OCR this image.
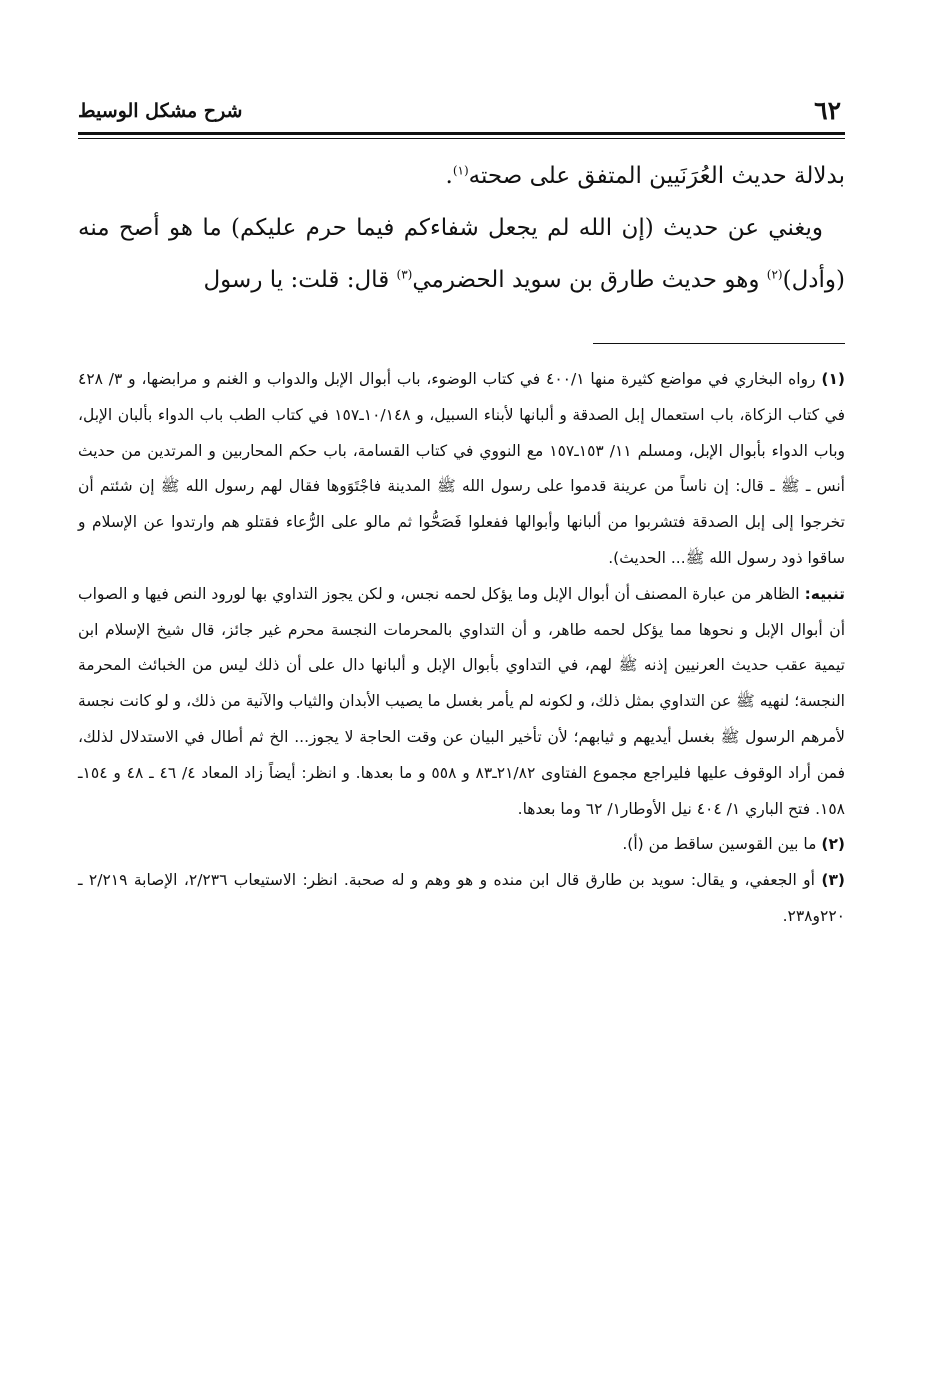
٦٢
شرح مشكل الوسيط

بدلالة حديث العُرَنَيين المتفق على صحته$^{(١)}$.

ويغني عن حديث (إن الله لم يجعل شفاءكم فيما حرم عليكم) ما هو أصح منه (وأدل)$^{(٢)}$ وهو حديث طارق بن سويد الحضرمي$^{(٣)}$ قال: قلت: يا رسول

(١) رواه البخاري في مواضع كثيرة منها ٤٠٠/١ في كتاب الوضوء، باب أبوال الإبل والدواب و الغنم و مرابضها، و ٣/ ٤٢٨ في كتاب الزكاة، باب استعمال إبل الصدقة و ألبانها لأبناء السبيل، و ١٠/١٤٨ـ١٥٧ في كتاب الطب باب الدواء بألبان الإبل، وباب الدواء بأبوال الإبل، ومسلم ١١/ ١٥٣ـ١٥٧ مع النووي في كتاب القسامة، باب حكم المحاربين و المرتدين من حديث أنس ـ ﷺ ـ قال: إن ناساً من عرينة قدموا على رسول الله ﷺ المدينة فاجْتَوَوها فقال لهم رسول الله ﷺ إن شئتم أن تخرجوا إلى إبل الصدقة فتشربوا من ألبانها وأبوالها ففعلوا فَصَحُّوا ثم مالو على الرُّعاء فقتلو هم وارتدوا عن الإسلام و ساقوا ذود رسول الله ﷺ... الحديث).

تنبيه: الظاهر من عبارة المصنف أن أبوال الإبل وما يؤكل لحمه نجس، و لكن يجوز التداوي بها لورود النص فيها و الصواب أن أبوال الإبل و نحوها مما يؤكل لحمه طاهر، و أن التداوي بالمحرمات النجسة محرم غير جائز، قال شيخ الإسلام ابن تيمية عقب حديث العرنيين إذنه ﷺ لهم، في التداوي بأبوال الإبل و ألبانها دال على أن ذلك ليس من الخبائث المحرمة النجسة؛ لنهيه ﷺ عن التداوي بمثل ذلك، و لكونه لم يأمر بغسل ما يصيب الأبدان والثياب والآنية من ذلك، و لو كانت نجسة لأمرهم الرسول ﷺ بغسل أيديهم و ثيابهم؛ لأن تأخير البيان عن وقت الحاجة لا يجوز... الخ ثم أطال في الاستدلال لذلك، فمن أراد الوقوف عليها فليراجع مجموع الفتاوى ٢١/٨٢ـ٨٣ و ٥٥٨ و ما بعدها. و انظر: أيضاً زاد المعاد ٤/ ٤٦ ـ ٤٨ و ١٥٤ـ ١٥٨. فتح الباري ١/ ٤٠٤ نيل الأوطار١/ ٦٢ وما بعدها.

(٢) ما بين القوسين ساقط من (أ).

(٣) أو الجعفي، و يقال: سويد بن طارق قال ابن منده و هو وهم و له صحبة. انظر: الاستيعاب ٢/٢٣٦، الإصابة ٢/٢١٩ ـ ٢٢٠و٢٣٨.
